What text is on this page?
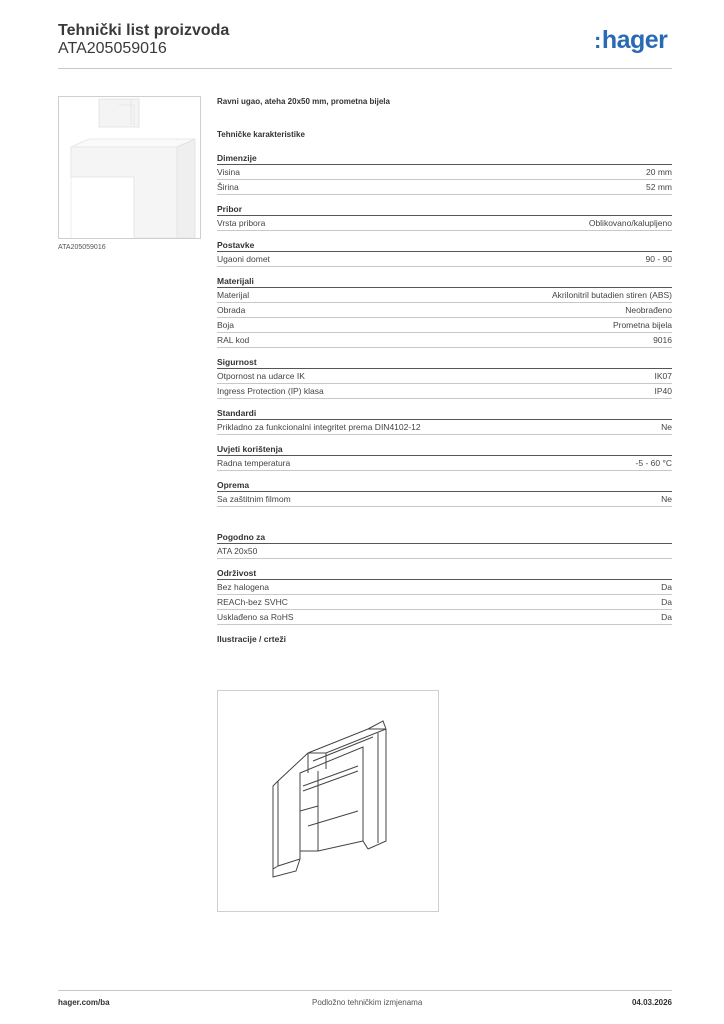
Tehnički list proizvoda
ATA205059016	:hager
ATA205059016
Ravni ugao, ateha 20x50 mm, prometna bijela
Tehničke karakteristike
Dimenzije
Visina	20 mm
Širina	52 mm
Pribor
Vrsta pribora	Oblikovano/kalupljeno
Postavke
Ugaoni domet	90 - 90
Materijali
Materijal	Akrilonitril butadien stiren (ABS)
Obrada	Neobrađeno
Boja	Prometna bijela
RAL kod	9016
Sigurnost
Otpornost na udarce IK	IK07
Ingress Protection (IP) klasa	IP40
Standardi
Prikladno za funkcionalni integritet prema DIN4102-12	Ne
Uvjeti korištenja
Radna temperatura	-5 - 60 °C
Oprema
Sa zaštitnim filmom	Ne
Pogodno za
ATA 20x50
Održivost
Bez halogena	Da
REACh-bez SVHC	Da
Usklađeno sa RoHS	Da
Ilustracije / crteži
hager.com/ba	Podložno tehničkim izmjenama	04.03.2026
